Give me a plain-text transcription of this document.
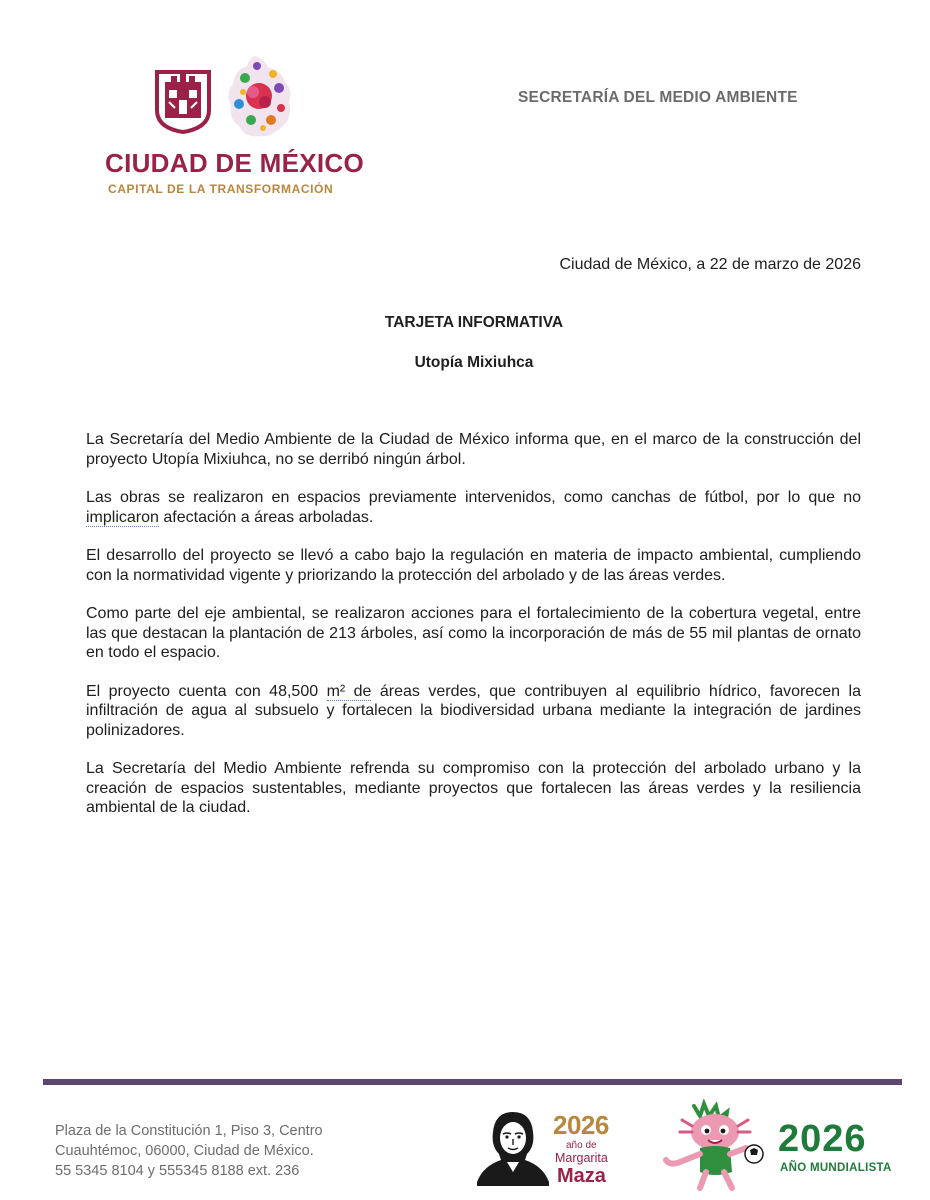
CIUDAD DE MÉXICO
CAPITAL DE LA TRANSFORMACIÓN
SECRETARÍA DEL MEDIO AMBIENTE
Ciudad de México, a 22 de marzo de 2026
TARJETA INFORMATIVA
Utopía Mixiuhca

La Secretaría del Medio Ambiente de la Ciudad de México informa que, en el marco de la construcción del proyecto Utopía Mixiuhca, no se derribó ningún árbol.

Las obras se realizaron en espacios previamente intervenidos, como canchas de fútbol, por lo que no implicaron afectación a áreas arboladas.

El desarrollo del proyecto se llevó a cabo bajo la regulación en materia de impacto ambiental, cumpliendo con la normatividad vigente y priorizando la protección del arbolado y de las áreas verdes.

Como parte del eje ambiental, se realizaron acciones para el fortalecimiento de la cobertura vegetal, entre las que destacan la plantación de 213 árboles, así como la incorporación de más de 55 mil plantas de ornato en todo el espacio.

El proyecto cuenta con 48,500 m² de áreas verdes, que contribuyen al equilibrio hídrico, favorecen la infiltración de agua al subsuelo y fortalecen la biodiversidad urbana mediante la integración de jardines polinizadores.

La Secretaría del Medio Ambiente refrenda su compromiso con la protección del arbolado urbano y la creación de espacios sustentables, mediante proyectos que fortalecen las áreas verdes y la resiliencia ambiental de la ciudad.

Plaza de la Constitución 1, Piso 3, Centro
Cuauhtémoc, 06000, Ciudad de México.
55 5345 8104 y 555345 8188 ext. 236
2026
año de
Margarita
Maza
2026
AÑO MUNDIALISTA
